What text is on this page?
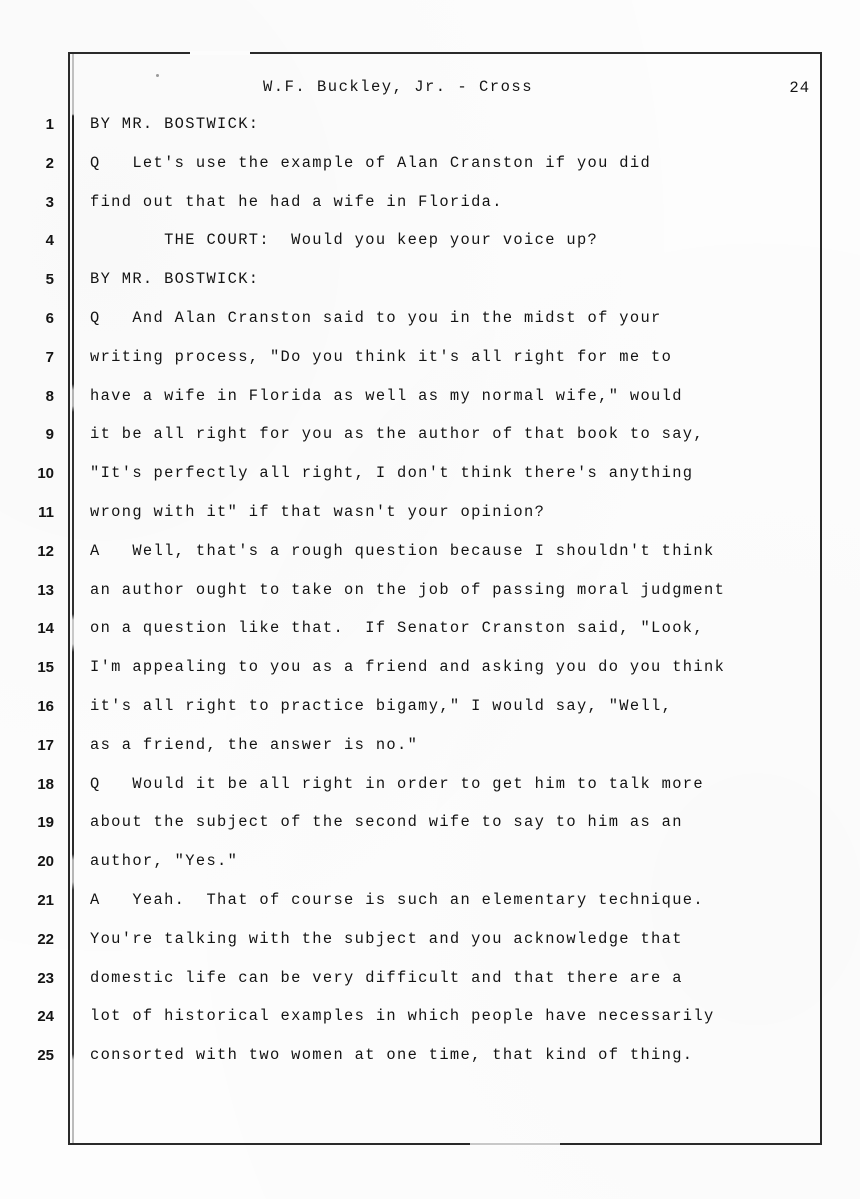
W.F. Buckley, Jr. - Cross	24
1 BY MR. BOSTWICK:
2 Q   Let's use the example of Alan Cranston if you did
3 find out that he had a wife in Florida.
4 THE COURT:  Would you keep your voice up?
5 BY MR. BOSTWICK:
6 Q   And Alan Cranston said to you in the midst of your
7 writing process, "Do you think it's all right for me to
8 have a wife in Florida as well as my normal wife," would
9 it be all right for you as the author of that book to say,
10 "It's perfectly all right, I don't think there's anything
11 wrong with it" if that wasn't your opinion?
12 A   Well, that's a rough question because I shouldn't think
13 an author ought to take on the job of passing moral judgment
14 on a question like that.  If Senator Cranston said, "Look,
15 I'm appealing to you as a friend and asking you do you think
16 it's all right to practice bigamy," I would say, "Well,
17 as a friend, the answer is no."
18 Q   Would it be all right in order to get him to talk more
19 about the subject of the second wife to say to him as an
20 author, "Yes."
21 A   Yeah.  That of course is such an elementary technique.
22 You're talking with the subject and you acknowledge that
23 domestic life can be very difficult and that there are a
24 lot of historical examples in which people have necessarily
25 consorted with two women at one time, that kind of thing.
